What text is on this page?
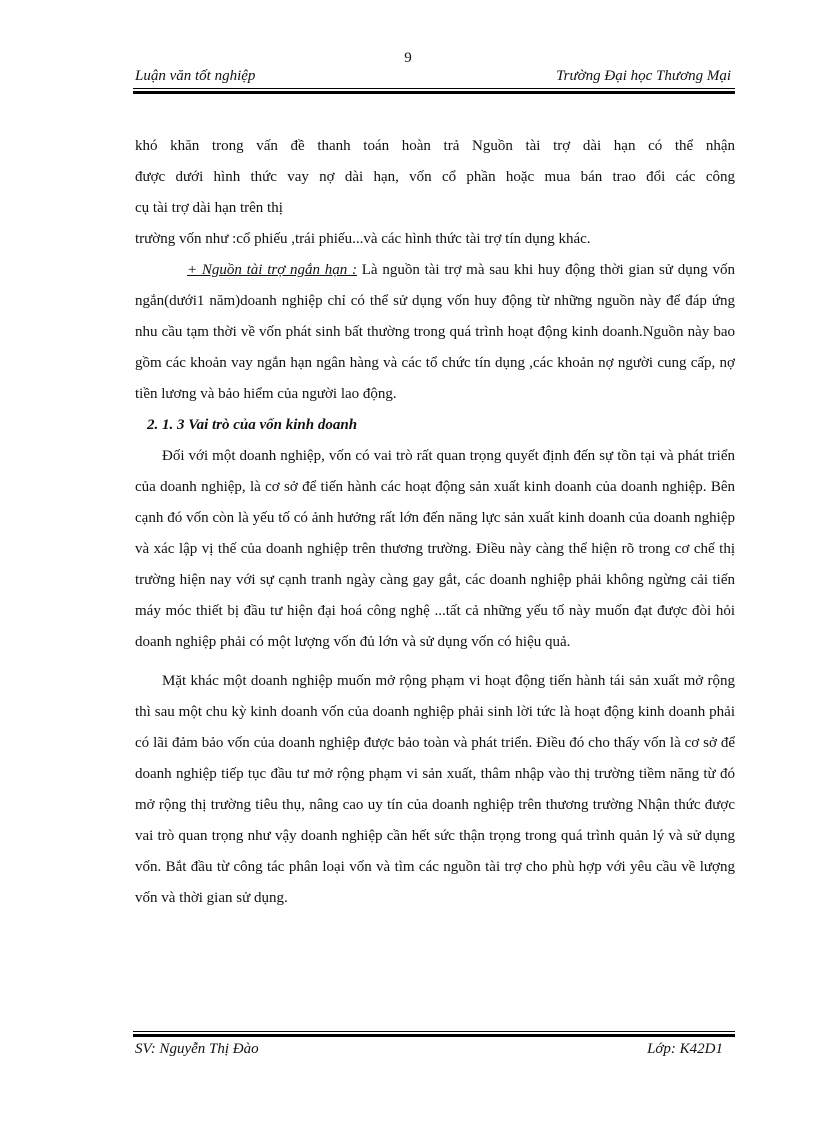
9
Luận văn tốt nghiệp	Trường Đại học Thương Mại

khó khăn trong vấn đề thanh toán hoàn trả Nguồn tài trợ dài hạn có thể nhận

được dưới hình thức vay nợ dài hạn, vốn cổ phần hoặc mua bán trao đổi các công

cụ tài trợ dài hạn trên thị

trường vốn như :cổ phiếu ,trái phiếu...và các hình thức tài trợ tín dụng khác.

+ Nguồn tài trợ ngắn hạn : Là nguồn tài trợ mà sau khi huy động thời gian sử dụng vốn ngắn(dưới1 năm)doanh nghiệp chỉ có thể sử dụng vốn huy động từ những nguồn này để đáp ứng nhu cầu tạm thời về vốn phát sinh bất thường trong quá trình hoạt động kinh doanh.Nguồn này bao gồm các khoản vay ngắn hạn ngân hàng và các tổ chức tín dụng ,các khoản nợ người cung cấp, nợ tiền lương và bảo hiểm của người lao động.

2. 1. 3 Vai trò của vốn kinh doanh

Đối với một doanh nghiệp, vốn có vai trò rất quan trọng quyết định đến sự tồn tại và phát triển của doanh nghiệp, là cơ sở để tiến hành các hoạt động sản xuất kinh doanh của doanh nghiệp. Bên cạnh đó vốn còn là yếu tố có ảnh hưởng rất lớn đến năng lực sản xuất kinh doanh của doanh nghiệp và xác lập vị thế của doanh nghiệp trên thương trường. Điều này càng thể hiện rõ trong cơ chế thị trường hiện nay với sự cạnh tranh ngày càng gay gắt, các doanh nghiệp phải không ngừng cải tiến máy móc thiết bị đầu tư hiện đại hoá công nghệ ...tất cả những yếu tố này muốn đạt được đòi hỏi doanh nghiệp phải có một lượng vốn đủ lớn và sử dụng vốn có hiệu quả.

Mặt khác một doanh nghiệp muốn mở rộng phạm vi hoạt động tiến hành tái sản xuất mở rộng thì sau một chu kỳ kinh doanh vốn của doanh nghiệp phải sinh lời tức là hoạt động kinh doanh phải có lãi đảm bảo vốn của doanh nghiệp được bảo toàn và phát triển. Điều đó cho thấy vốn là cơ sở để doanh nghiệp tiếp tục đầu tư mở rộng phạm vi sản xuất, thâm nhập vào thị trường tiềm năng từ đó mở rộng thị trường tiêu thụ, nâng cao uy tín của doanh nghiệp trên thương trường Nhận thức được vai trò quan trọng như vậy doanh nghiệp cần hết sức thận trọng trong quá trình quản lý và sử dụng vốn. Bắt đầu từ công tác phân loại vốn và tìm các nguồn tài trợ cho phù hợp với yêu cầu về lượng vốn và thời gian sử dụng.

SV: Nguyễn Thị Đào	Lớp: K42D1
